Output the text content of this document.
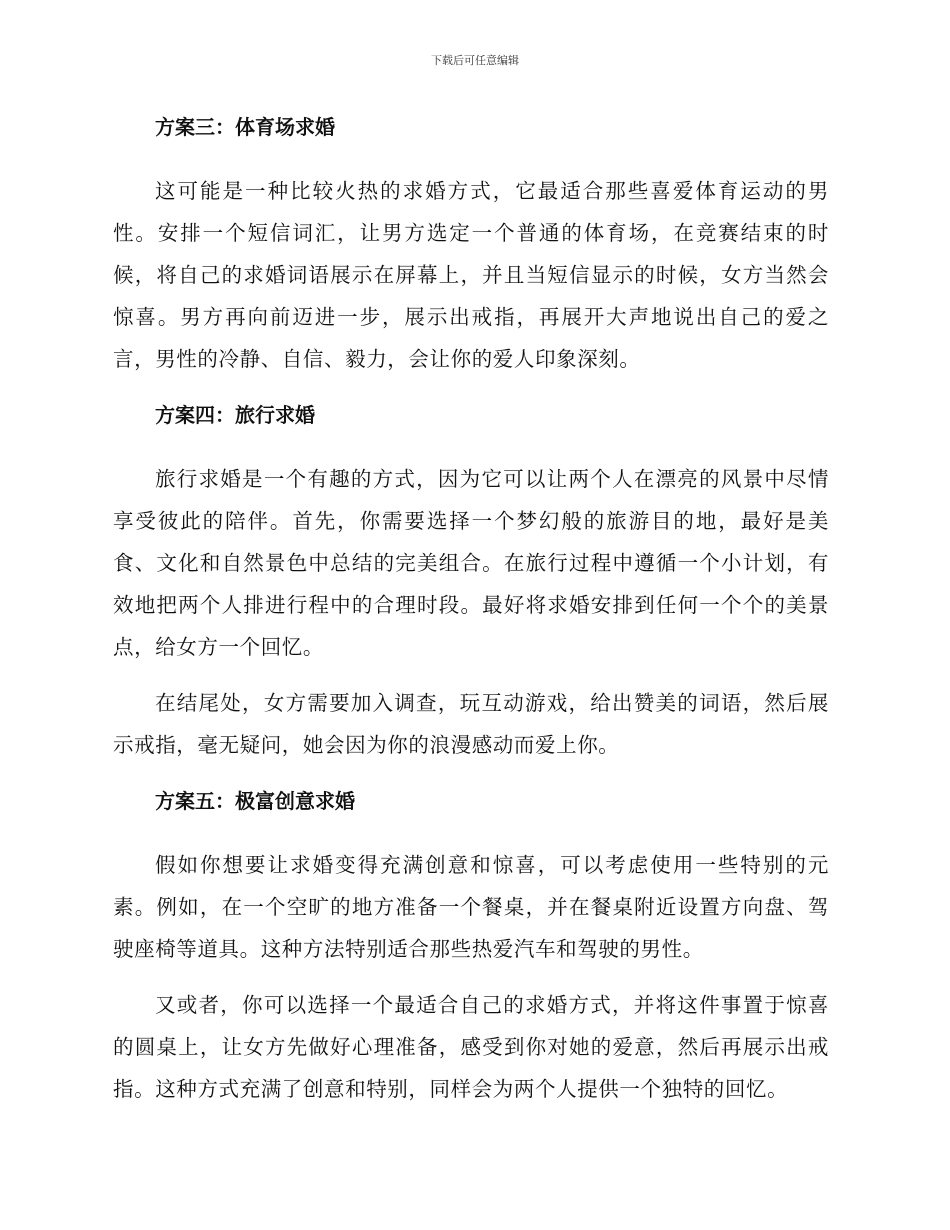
下载后可任意编辑
方案三：体育场求婚

这可能是一种比较火热的求婚方式，它最适合那些喜爱体育运动的男性。安排一个短信词汇，让男方选定一个普通的体育场，在竞赛结束的时候，将自己的求婚词语展示在屏幕上，并且当短信显示的时候，女方当然会惊喜。男方再向前迈进一步，展示出戒指，再展开大声地说出自己的爱之言，男性的冷静、自信、毅力，会让你的爱人印象深刻。

方案四：旅行求婚

旅行求婚是一个有趣的方式，因为它可以让两个人在漂亮的风景中尽情享受彼此的陪伴。首先，你需要选择一个梦幻般的旅游目的地，最好是美食、文化和自然景色中总结的完美组合。在旅行过程中遵循一个小计划，有效地把两个人排进行程中的合理时段。最好将求婚安排到任何一个个的美景点，给女方一个回忆。

在结尾处，女方需要加入调查，玩互动游戏，给出赞美的词语，然后展示戒指，毫无疑问，她会因为你的浪漫感动而爱上你。

方案五：极富创意求婚

假如你想要让求婚变得充满创意和惊喜，可以考虑使用一些特别的元素。例如，在一个空旷的地方准备一个餐桌，并在餐桌附近设置方向盘、驾驶座椅等道具。这种方法特别适合那些热爱汽车和驾驶的男性。

又或者，你可以选择一个最适合自己的求婚方式，并将这件事置于惊喜的圆桌上，让女方先做好心理准备，感受到你对她的爱意，然后再展示出戒指。这种方式充满了创意和特别，同样会为两个人提供一个独特的回忆。
